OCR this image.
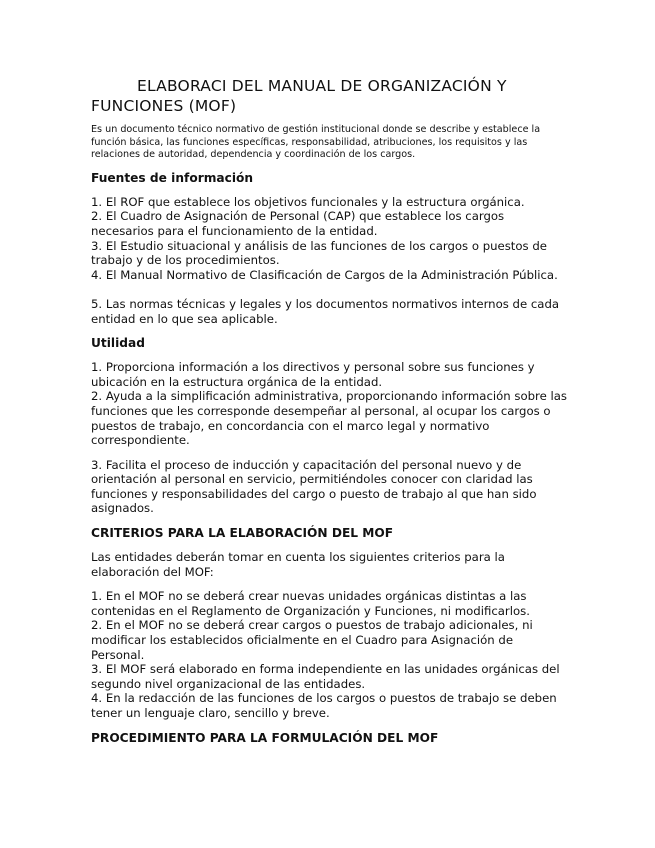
ELABORACI DEL MANUAL DE ORGANIZACIÓN Y FUNCIONES (MOF)

Es un documento técnico normativo de gestión institucional donde se describe y establece la función básica, las funciones específicas, responsabilidad, atribuciones, los requisitos y las relaciones de autoridad, dependencia y coordinación de los cargos.

Fuentes de información

1. El ROF que establece los objetivos funcionales y la estructura orgánica.

2. El Cuadro de Asignación de Personal (CAP) que establece los cargos necesarios para el funcionamiento de la entidad.

3. El Estudio situacional y análisis de las funciones de los cargos o puestos de trabajo y de los procedimientos.

4. El Manual Normativo de Clasificación de Cargos de la Administración Pública.

5. Las normas técnicas y legales y los documentos normativos internos de cada entidad en lo que sea aplicable.

Utilidad

1. Proporciona información a los directivos y personal sobre sus funciones y ubicación en la estructura orgánica de la entidad.

2. Ayuda a la simplificación administrativa, proporcionando información sobre las funciones que les corresponde desempeñar al personal, al ocupar los cargos o puestos de trabajo, en concordancia con el marco legal y normativo correspondiente.

3. Facilita el proceso de inducción y capacitación del personal nuevo y de orientación al personal en servicio, permitiéndoles conocer con claridad las funciones y responsabilidades del cargo o puesto de trabajo al que han sido asignados.

CRITERIOS PARA LA ELABORACIÓN DEL MOF

Las entidades deberán tomar en cuenta los siguientes criterios para la elaboración del MOF:

1. En el MOF no se deberá crear nuevas unidades orgánicas distintas a las contenidas en el Reglamento de Organización y Funciones, ni modificarlos.

2. En el MOF no se deberá crear cargos o puestos de trabajo adicionales, ni modificar los establecidos oficialmente en el Cuadro para Asignación de Personal.

3. El MOF será elaborado en forma independiente en las unidades orgánicas del segundo nivel organizacional de las entidades.

4. En la redacción de las funciones de los cargos o puestos de trabajo se deben tener un lenguaje claro, sencillo y breve.

PROCEDIMIENTO PARA LA FORMULACIÓN DEL MOF
